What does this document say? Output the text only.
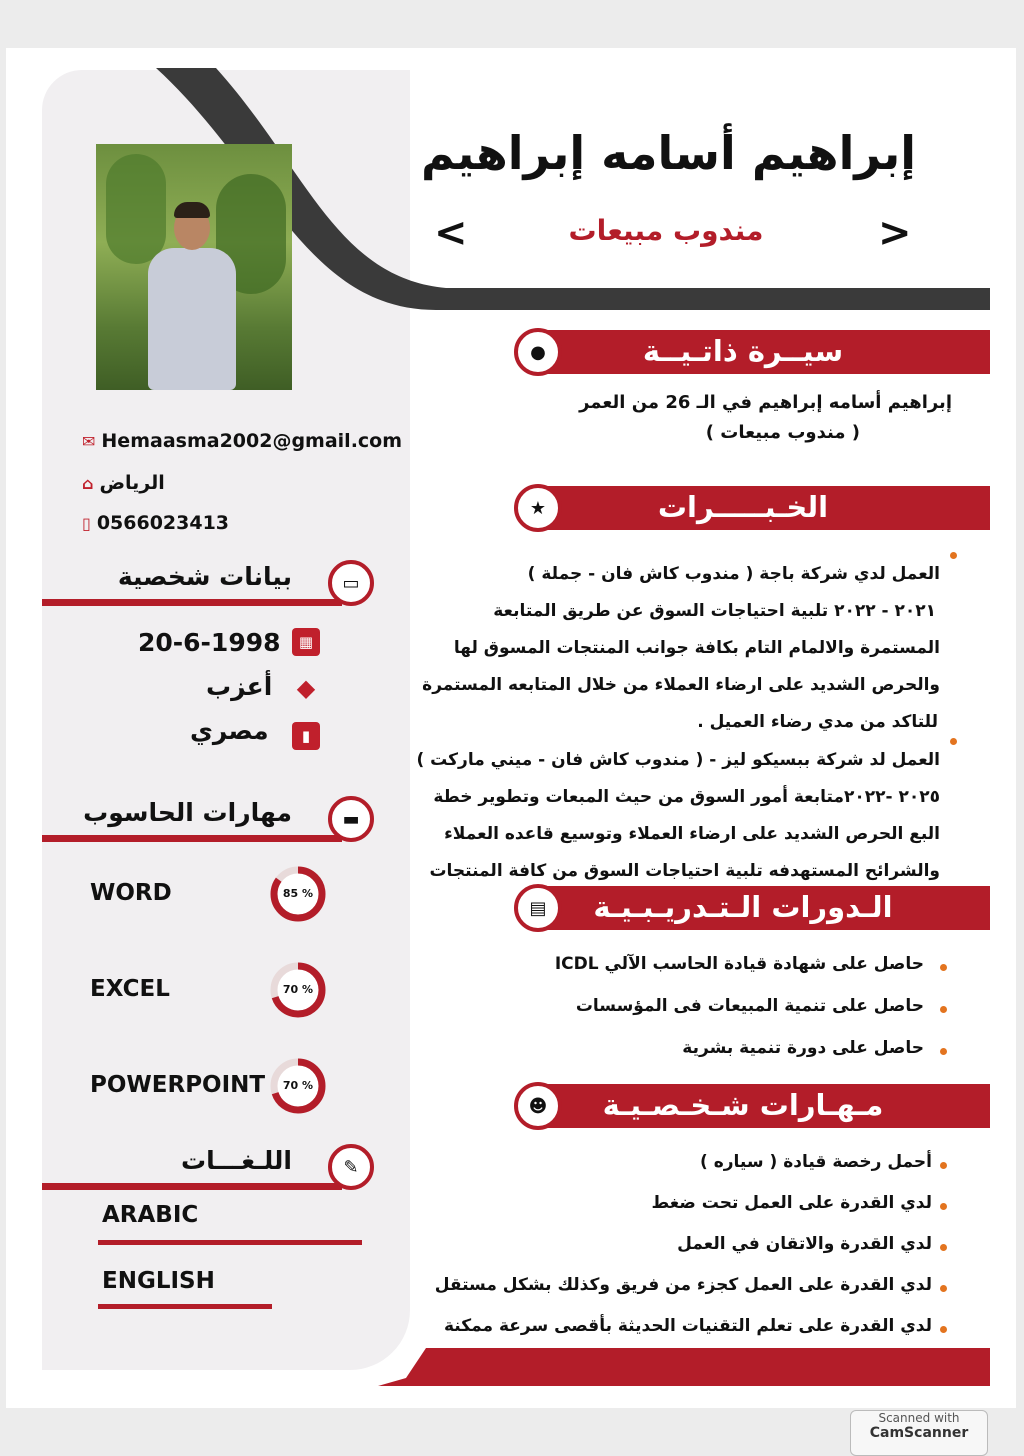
إبراهيم أسامه إبراهيم
<	مندوب مبيعات	>
✉ Hemaasma2002@gmail.com
⌂ الرياض
▯ 0566023413
بيانات شخصية	▭
20-6-1998	▦
أعزب ◆
مصري	▮
مهارات الحاسوب	▬
WORD	85 %
EXCEL	70 %
POWERPOINT	70 %
اللـغـــات	✎
ARABIC
ENGLISH
سيــرة ذاتـيــة
●
إبراهيم أسامه إبراهيم في الـ 26 من العمر
( مندوب مبيعات )
الخـبـــــرات
★
العمل لدي شركة باجة ( مندوب كاش فان - جملة )
٢٠٢١ - ٢٠٢٢ تلبية احتياجات السوق عن طريق المتابعة
المستمرة والالمام التام بكافة جوانب المنتجات المسوق لها
والحرص الشديد على ارضاء العملاء من خلال المتابعه المستمرة
للتاكد من مدي رضاء العميل .
العمل لد شركة ببسيكو ليز - ( مندوب كاش فان - ميني ماركت )
٢٠٢٥ -٢٠٢٢متابعة أمور السوق من حيث المبعات وتطوير خطة
البع الحرص الشديد على ارضاء العملاء وتوسيع قاعده العملاء
والشرائح المستهدفه تلبية احتياجات السوق من كافة المنتجات
الـدورات الـتـدريـبـيـة
▤
حاصل على شهادة قيادة الحاسب الآلي ICDL
حاصل على تنمية المبيعات فى المؤسسات
حاصل على دورة تنمية بشرية
مـهـارات شـخـصـيـة
☻
أحمل رخصة قيادة ( سياره )
لدي القدرة على العمل تحت ضغط
لدي القدرة والاتقان في العمل
لدي القدرة على العمل كجزء من فريق وكذلك بشكل مستقل
لدي القدرة على تعلم التقنيات الحديثة بأقصى سرعة ممكنة
Scanned with
CamScanner
